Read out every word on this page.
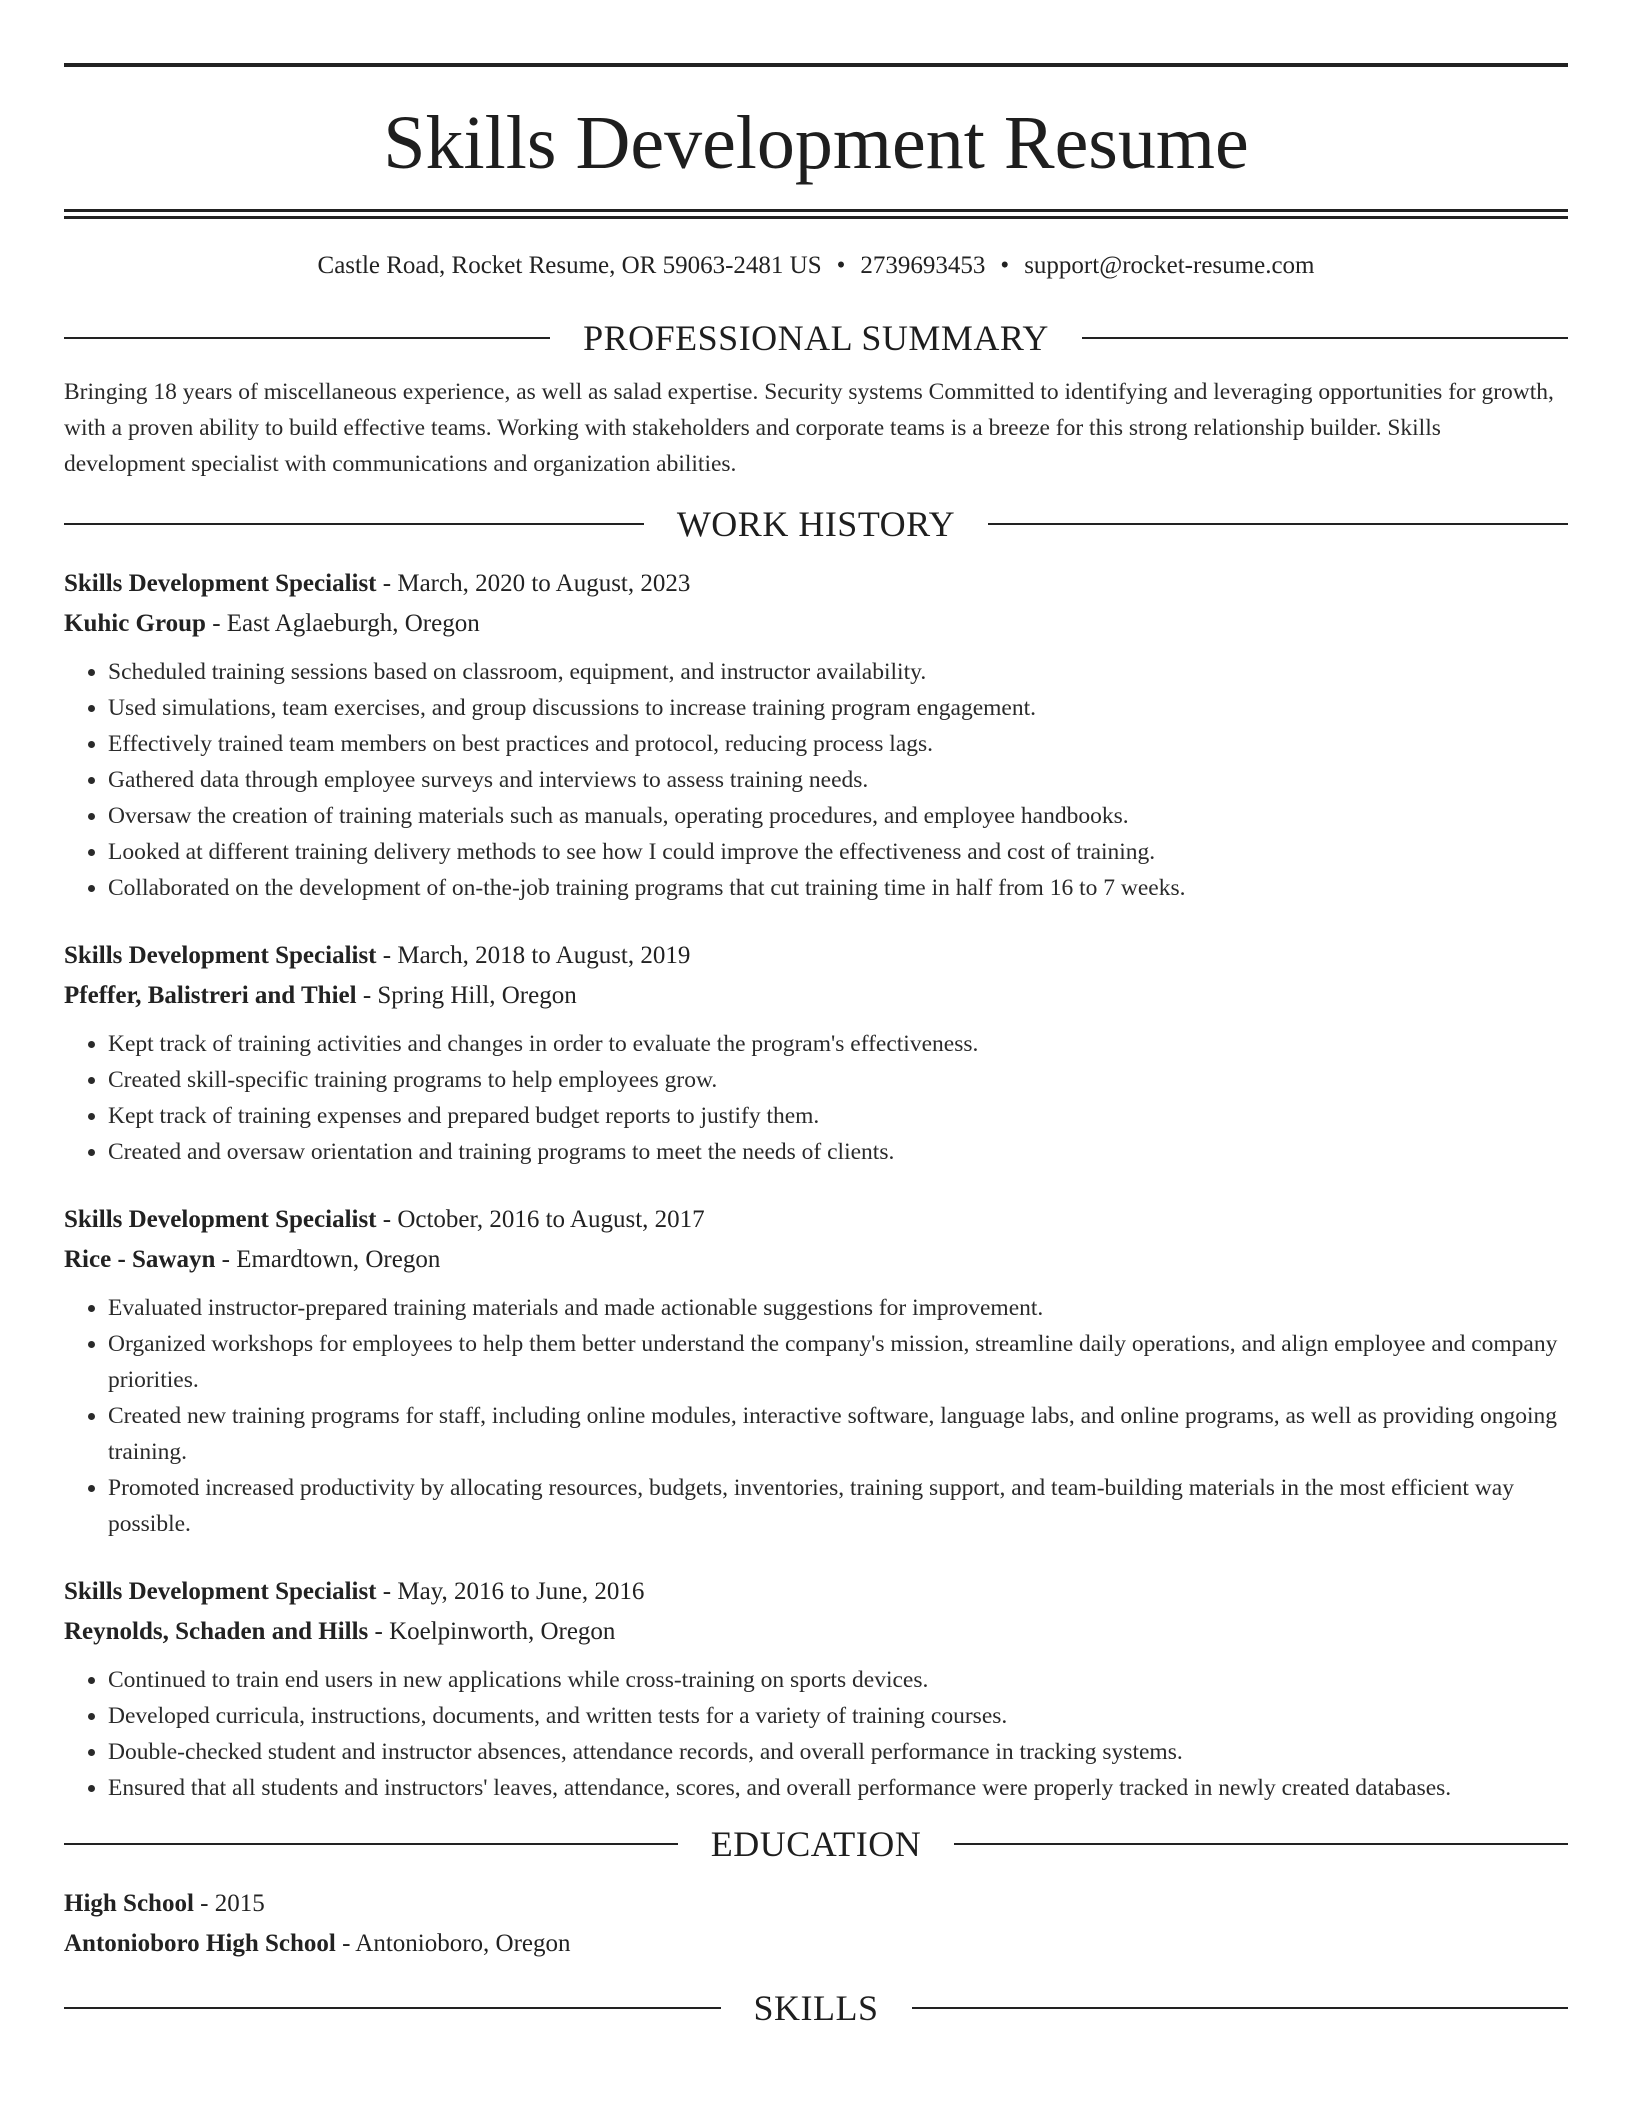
Skills Development Resume
Castle Road, Rocket Resume, OR 59063-2481 US • 2739693453 • support@rocket-resume.com
PROFESSIONAL SUMMARY
Bringing 18 years of miscellaneous experience, as well as salad expertise. Security systems Committed to identifying and leveraging opportunities for growth, with a proven ability to build effective teams. Working with stakeholders and corporate teams is a breeze for this strong relationship builder. Skills development specialist with communications and organization abilities.
WORK HISTORY
Skills Development Specialist - March, 2020 to August, 2023
Kuhic Group - East Aglaeburgh, Oregon
• Scheduled training sessions based on classroom, equipment, and instructor availability.
• Used simulations, team exercises, and group discussions to increase training program engagement.
• Effectively trained team members on best practices and protocol, reducing process lags.
• Gathered data through employee surveys and interviews to assess training needs.
• Oversaw the creation of training materials such as manuals, operating procedures, and employee handbooks.
• Looked at different training delivery methods to see how I could improve the effectiveness and cost of training.
• Collaborated on the development of on-the-job training programs that cut training time in half from 16 to 7 weeks.
Skills Development Specialist - March, 2018 to August, 2019
Pfeffer, Balistreri and Thiel - Spring Hill, Oregon
• Kept track of training activities and changes in order to evaluate the program's effectiveness.
• Created skill-specific training programs to help employees grow.
• Kept track of training expenses and prepared budget reports to justify them.
• Created and oversaw orientation and training programs to meet the needs of clients.
Skills Development Specialist - October, 2016 to August, 2017
Rice - Sawayn - Emardtown, Oregon
• Evaluated instructor-prepared training materials and made actionable suggestions for improvement.
• Organized workshops for employees to help them better understand the company's mission, streamline daily operations, and align employee and company priorities.
• Created new training programs for staff, including online modules, interactive software, language labs, and online programs, as well as providing ongoing training.
• Promoted increased productivity by allocating resources, budgets, inventories, training support, and team-building materials in the most efficient way possible.
Skills Development Specialist - May, 2016 to June, 2016
Reynolds, Schaden and Hills - Koelpinworth, Oregon
• Continued to train end users in new applications while cross-training on sports devices.
• Developed curricula, instructions, documents, and written tests for a variety of training courses.
• Double-checked student and instructor absences, attendance records, and overall performance in tracking systems.
• Ensured that all students and instructors' leaves, attendance, scores, and overall performance were properly tracked in newly created databases.
EDUCATION
High School - 2015
Antonioboro High School - Antonioboro, Oregon
SKILLS
